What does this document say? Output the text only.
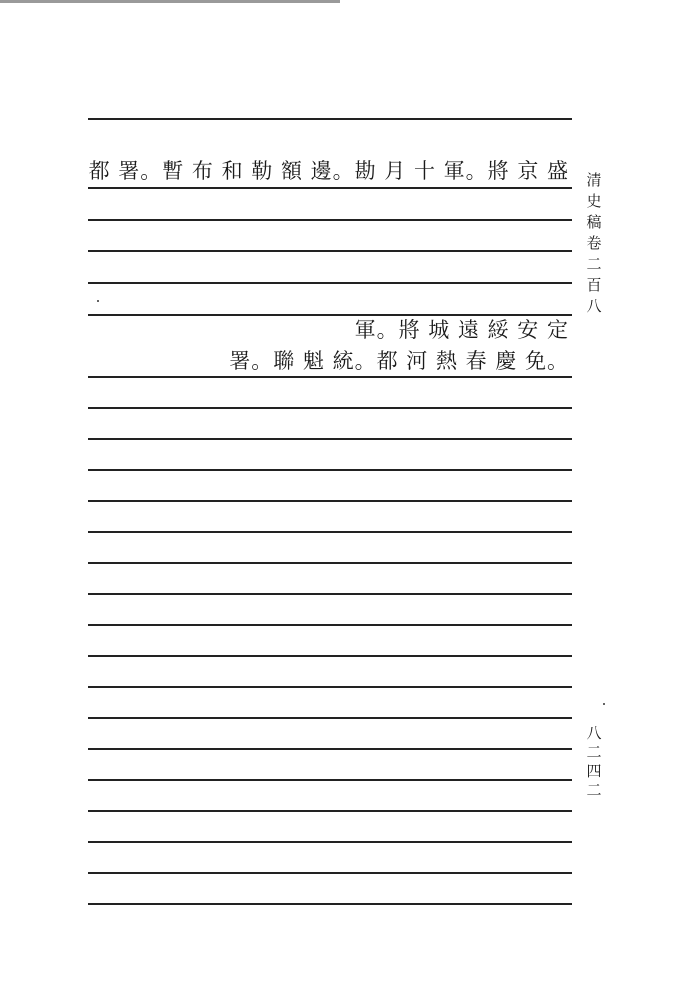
都 署。暫 布 和 勒 額 邊。勘 月 十 軍。將 京 盛
軍。將 城 遠 綏 安 定
署。聯 魁 統。都 河 熱 春 慶 免。
清史稿卷二百八
八二四二
